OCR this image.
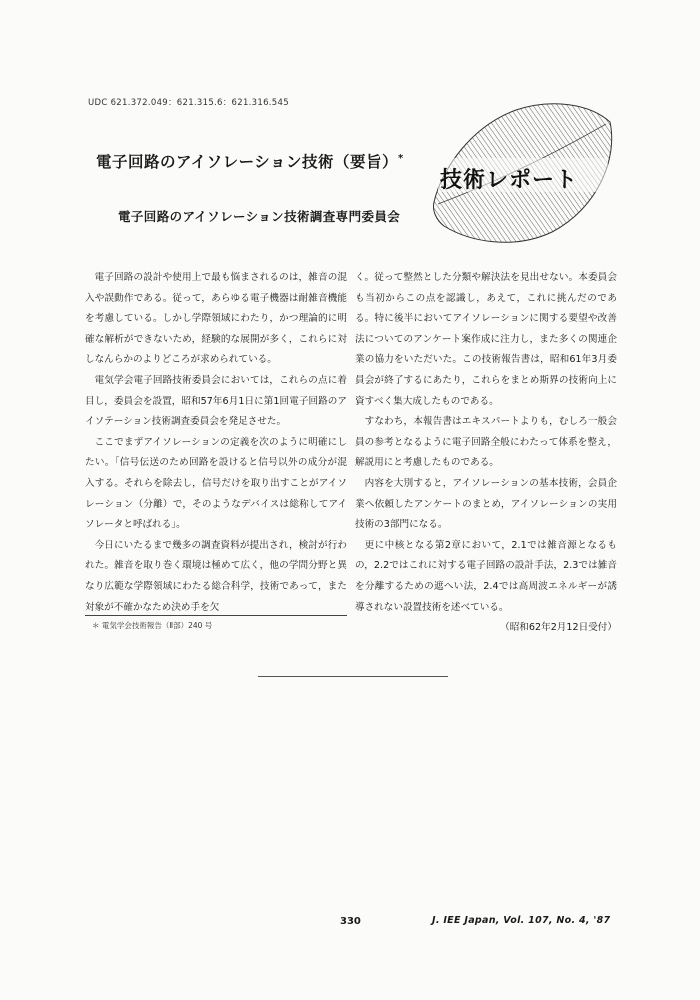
UDC 621.372.049：621.315.6：621.316.545
技術レポート
電子回路のアイソレーション技術（要旨）*
電子回路のアイソレーション技術調査専門委員会

電子回路の設計や使用上で最も悩まされるのは，雑音の混入や誤動作である。従って，あらゆる電子機器は耐雑音機能を考慮している。しかし学際領域にわたり，かつ理論的に明確な解析ができないため，経験的な展開が多く，これらに対しなんらかのよりどころが求められている。

電気学会電子回路技術委員会においては，これらの点に着目し，委員会を設置，昭和57年6月1日に第1回電子回路のアイソテーション技術調査委員会を発足させた。

ここでまずアイソレーションの定義を次のように明確にしたい。「信号伝送のため回路を設けると信号以外の成分が混入する。それらを除去し，信号だけを取り出すことがアイソレーション（分離）で，そのようなデバイスは総称してアイソレータと呼ばれる」。

今日にいたるまで幾多の調査資料が提出され，検討が行われた。雑音を取り巻く環境は極めて広く，他の学問分野と異なり広範な学際領域にわたる総合科学，技術であって，また対象が不確かなため決め手を欠

＊ 電気学会技術報告（Ⅱ部）240 号

く。従って整然とした分類や解決法を見出せない。本委員会も当初からこの点を認識し，あえて，これに挑んだのである。特に後半においてアイソレーションに関する要望や改善法についてのアンケート案作成に注力し，また多くの関連企業の協力をいただいた。この技術報告書は，昭和61年3月委員会が終了するにあたり，これらをまとめ斯界の技術向上に資すべく集大成したものである。

すなわち，本報告書はエキスパートよりも，むしろ一般会員の参考となるように電子回路全般にわたって体系を整え，解説用にと考慮したものである。

内容を大別すると，アイソレーションの基本技術，会員企業へ依頼したアンケートのまとめ，アイソレーションの実用技術の3部門になる。

更に中核となる第2章において，2.1では雑音源となるもの，2.2ではこれに対する電子回路の設計手法，2.3では雑音を分離するための遮へい法，2.4では高周波エネルギーが誘導されない設置技術を述べている。

（昭和62年2月12日受付）
330	J. IEE Japan, Vol. 107, No. 4, '87
